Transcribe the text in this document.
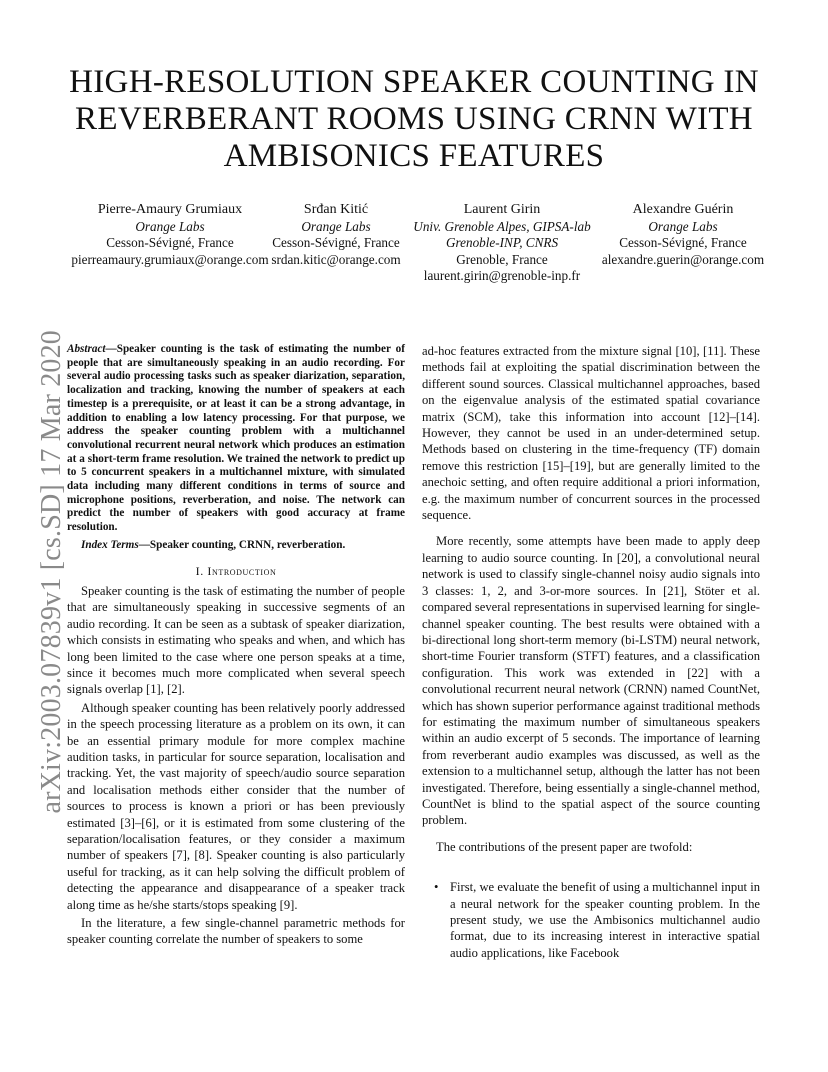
arXiv:2003.07839v1 [cs.SD] 17 Mar 2020
HIGH-RESOLUTION SPEAKER COUNTING IN REVERBERANT ROOMS USING CRNN WITH AMBISONICS FEATURES
Pierre-Amaury Grumiaux
Orange Labs
Cesson-Sévigné, France
pierreamaury.grumiaux@orange.com
Srđan Kitić
Orange Labs
Cesson-Sévigné, France
srdan.kitic@orange.com
Laurent Girin
Univ. Grenoble Alpes, GIPSA-lab
Grenoble-INP, CNRS
Grenoble, France
laurent.girin@grenoble-inp.fr
Alexandre Guérin
Orange Labs
Cesson-Sévigné, France
alexandre.guerin@orange.com
Abstract—Speaker counting is the task of estimating the number of people that are simultaneously speaking in an audio recording. For several audio processing tasks such as speaker diarization, separation, localization and tracking, knowing the number of speakers at each timestep is a prerequisite, or at least it can be a strong advantage, in addition to enabling a low latency processing. For that purpose, we address the speaker counting problem with a multichannel convolutional recurrent neural network which produces an estimation at a short-term frame resolution. We trained the network to predict up to 5 concurrent speakers in a multichannel mixture, with simulated data including many different conditions in terms of source and microphone positions, reverberation, and noise. The network can predict the number of speakers with good accuracy at frame resolution.
Index Terms—Speaker counting, CRNN, reverberation.
I. Introduction

Speaker counting is the task of estimating the number of people that are simultaneously speaking in successive segments of an audio recording. It can be seen as a subtask of speaker diarization, which consists in estimating who speaks and when, and which has long been limited to the case where one person speaks at a time, since it becomes much more complicated when several speech signals overlap [1], [2].

Although speaker counting has been relatively poorly addressed in the speech processing literature as a problem on its own, it can be an essential primary module for more complex machine audition tasks, in particular for source separation, localisation and tracking. Yet, the vast majority of speech/audio source separation and localisation methods either consider that the number of sources to process is known a priori or has been previously estimated [3]–[6], or it is estimated from some clustering of the separation/localisation features, or they consider a maximum number of speakers [7], [8]. Speaker counting is also particularly useful for tracking, as it can help solving the difficult problem of detecting the appearance and disappearance of a speaker track along time as he/she starts/stops speaking [9].

In the literature, a few single-channel parametric methods for speaker counting correlate the number of speakers to some

ad-hoc features extracted from the mixture signal [10], [11]. These methods fail at exploiting the spatial discrimination between the different sound sources. Classical multichannel approaches, based on the eigenvalue analysis of the estimated spatial covariance matrix (SCM), take this information into account [12]–[14]. However, they cannot be used in an under-determined setup. Methods based on clustering in the time-frequency (TF) domain remove this restriction [15]–[19], but are generally limited to the anechoic setting, and often require additional a priori information, e.g. the maximum number of concurrent sources in the processed sequence.

More recently, some attempts have been made to apply deep learning to audio source counting. In [20], a convolutional neural network is used to classify single-channel noisy audio signals into 3 classes: 1, 2, and 3-or-more sources. In [21], Stöter et al. compared several representations in supervised learning for single-channel speaker counting. The best results were obtained with a bi-directional long short-term memory (bi-LSTM) neural network, short-time Fourier transform (STFT) features, and a classification configuration. This work was extended in [22] with a convolutional recurrent neural network (CRNN) named CountNet, which has shown superior performance against traditional methods for estimating the maximum number of simultaneous speakers within an audio excerpt of 5 seconds. The importance of learning from reverberant audio examples was discussed, as well as the extension to a multichannel setup, although the latter has not been investigated. Therefore, being essentially a single-channel method, CountNet is blind to the spatial aspect of the source counting problem.

The contributions of the present paper are twofold:

• First, we evaluate the benefit of using a multichannel input in a neural network for the speaker counting problem. In the present study, we use the Ambisonics multichannel audio format, due to its increasing interest in interactive spatial audio applications, like Facebook
